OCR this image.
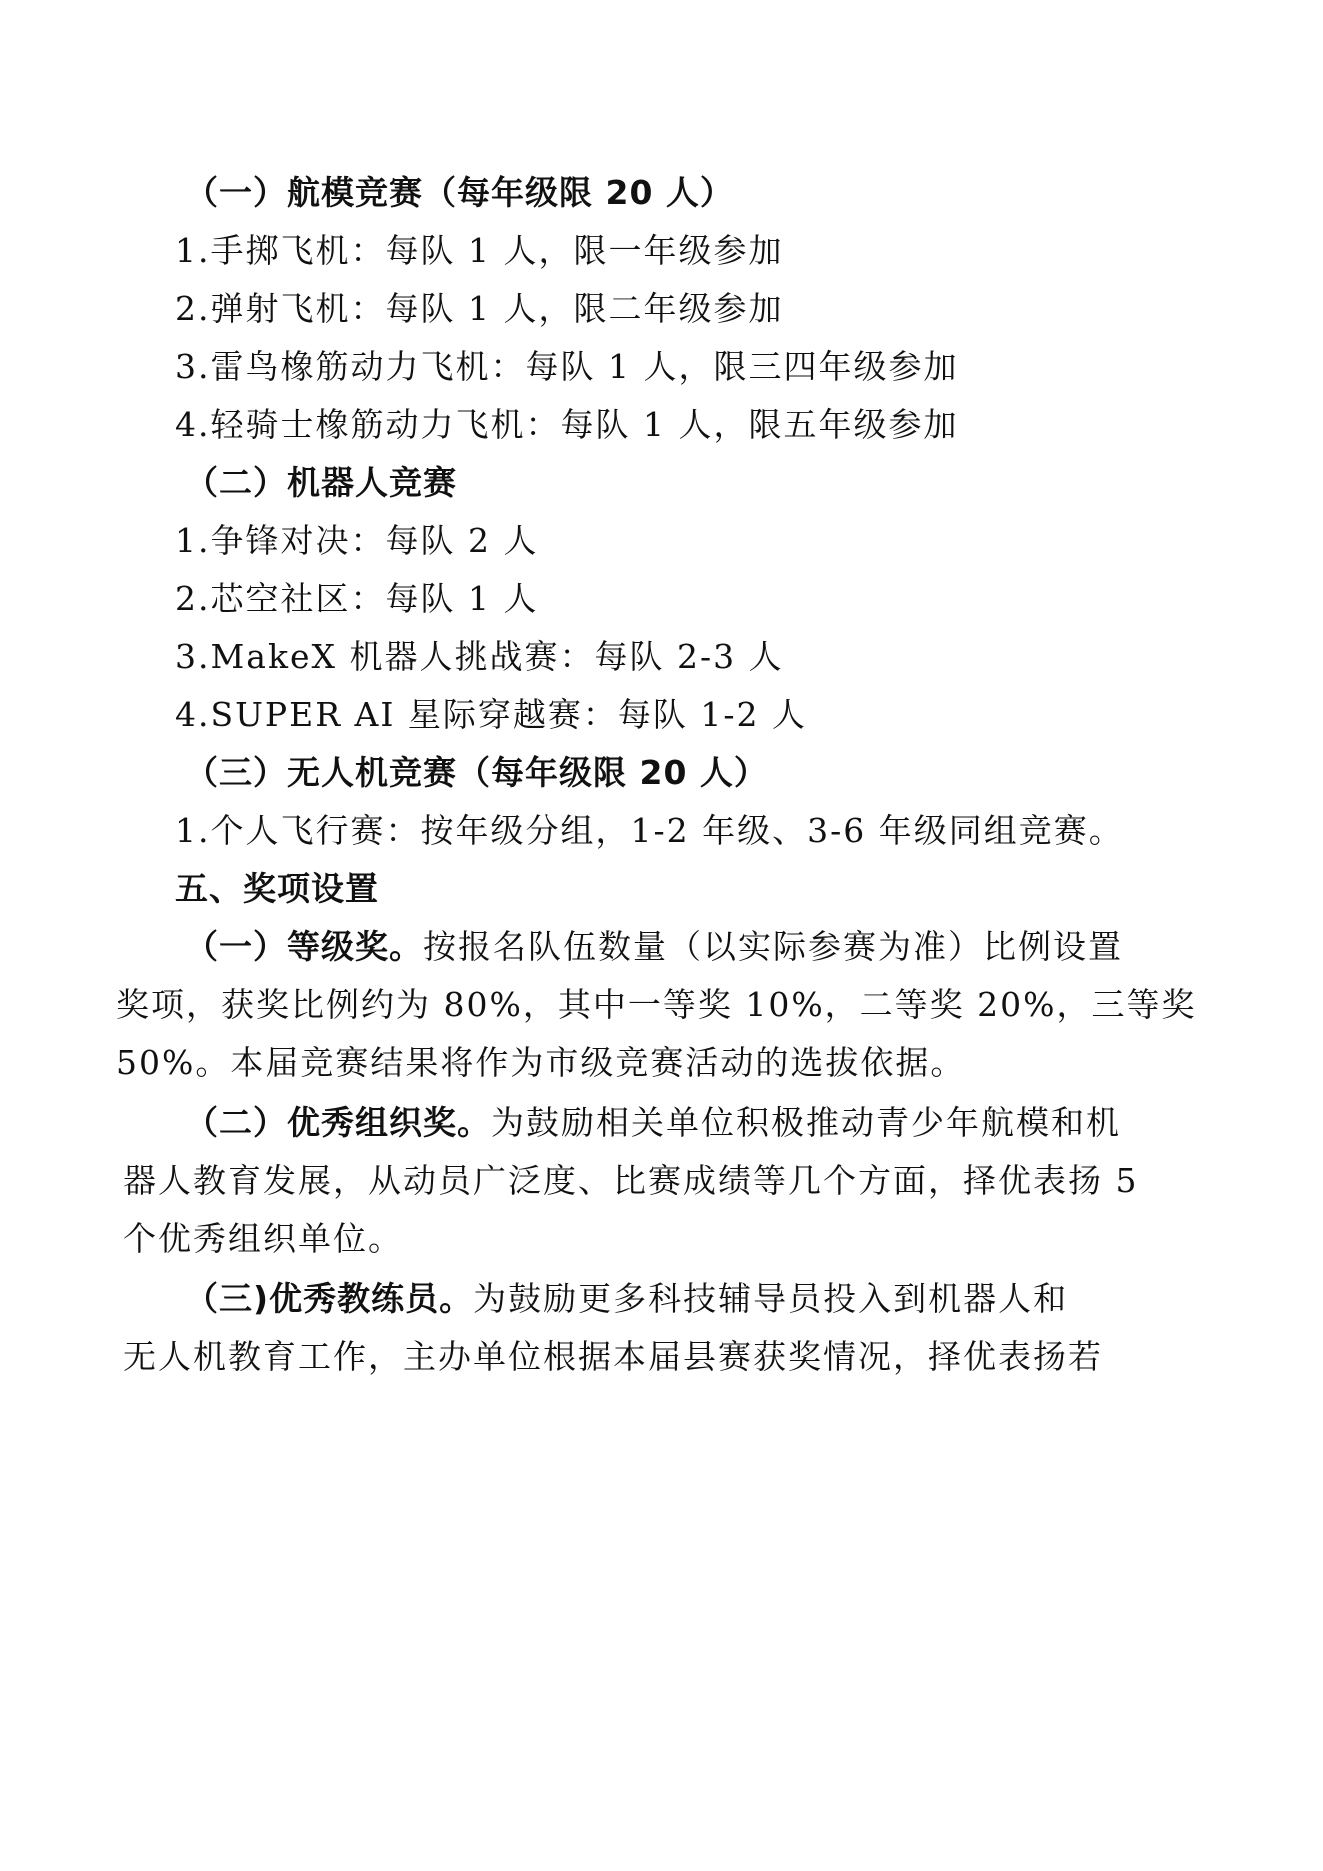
（一）航模竞赛（每年级限 20 人）
1.手掷飞机：每队 1 人，限一年级参加
2.弹射飞机：每队 1 人，限二年级参加
3.雷鸟橡筋动力飞机：每队 1 人，限三四年级参加
4.轻骑士橡筋动力飞机：每队 1 人，限五年级参加
（二）机器人竞赛
1.争锋对决：每队 2 人
2.芯空社区：每队 1 人
3.MakeX 机器人挑战赛：每队 2-3 人
4.SUPER AI 星际穿越赛：每队 1-2 人
（三）无人机竞赛（每年级限 20 人）
1.个人飞行赛：按年级分组，1-2 年级、3-6 年级同组竞赛。
五、奖项设置
（一）等级奖。按报名队伍数量（以实际参赛为准）比例设置
奖项，获奖比例约为 80%，其中一等奖 10%，二等奖 20%，三等奖
50%。本届竞赛结果将作为市级竞赛活动的选拔依据。
（二）优秀组织奖。为鼓励相关单位积极推动青少年航模和机
器人教育发展，从动员广泛度、比赛成绩等几个方面，择优表扬 5
个优秀组织单位。
（三)优秀教练员。为鼓励更多科技辅导员投入到机器人和
无人机教育工作，主办单位根据本届县赛获奖情况，择优表扬若
